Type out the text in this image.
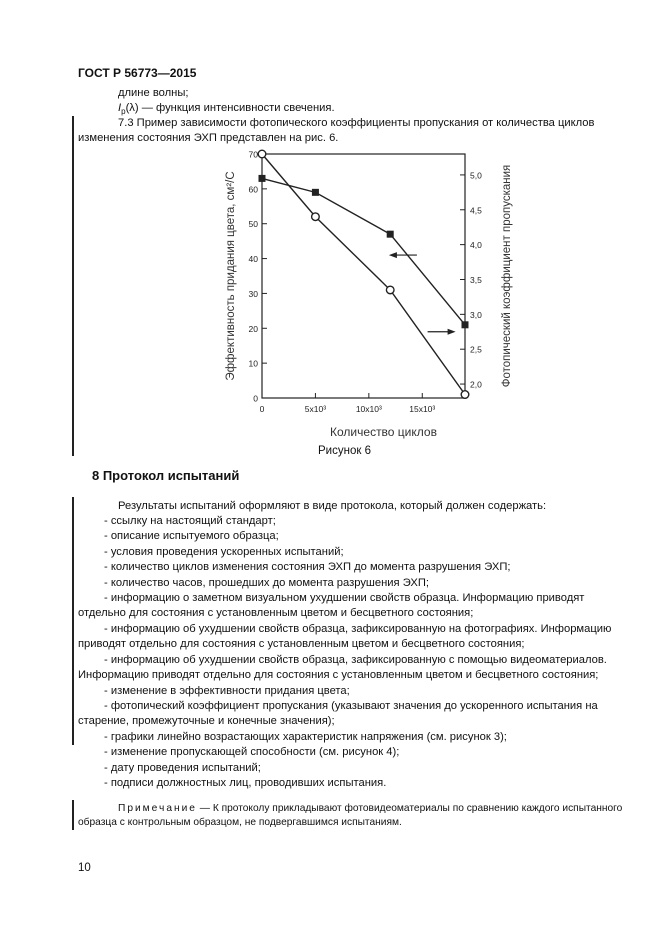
ГОСТ Р 56773—2015
длине волны;
$I_p(\lambda)$ — функция интенсивности свечения.
7.3 Пример зависимости фотопического коэффициенты пропускания от количества циклов
изменения состояния ЭХП представлен на рис. 6.
0
10
20
30
40
50
60
70
2,0
2,5
3,0
3,5
4,0
4,5
5,0
0	5x10³	10x10³	15x10³
Количество циклов
Эффективность придания цвета, см²/С	Фотопический коэффициент пропускания
Рисунок 6
8 Протокол испытаний
Результаты испытаний оформляют в виде протокола, который должен содержать:
- ссылку на настоящий стандарт;
- описание испытуемого образца;
- условия проведения ускоренных испытаний;
- количество циклов изменения состояния ЭХП до момента разрушения ЭХП;
- количество часов, прошедших до момента разрушения ЭХП;
- информацию о заметном визуальном ухудшении свойств образца. Информацию приводят
отдельно для состояния с установленным цветом и бесцветного состояния;
- информацию об ухудшении свойств образца, зафиксированную на фотографиях. Информацию
приводят отдельно для состояния с установленным цветом и бесцветного состояния;
- информацию об ухудшении свойств образца, зафиксированную с помощью видеоматериалов.
Информацию приводят отдельно для состояния с установленным цветом и бесцветного состояния;
- изменение в эффективности придания цвета;
- фотопический коэффициент пропускания (указывают значения до ускоренного испытания на
старение, промежуточные и конечные значения);
- графики линейно возрастающих характеристик напряжения (см. рисунок 3);
- изменение пропускающей способности (см. рисунок 4);
- дату проведения испытаний;
- подписи должностных лиц, проводивших испытания.
Примечание — К протоколу прикладывают фотовидеоматериалы по сравнению каждого испытанного
образца с контрольным образцом, не подвергавшимся испытаниям.
10
